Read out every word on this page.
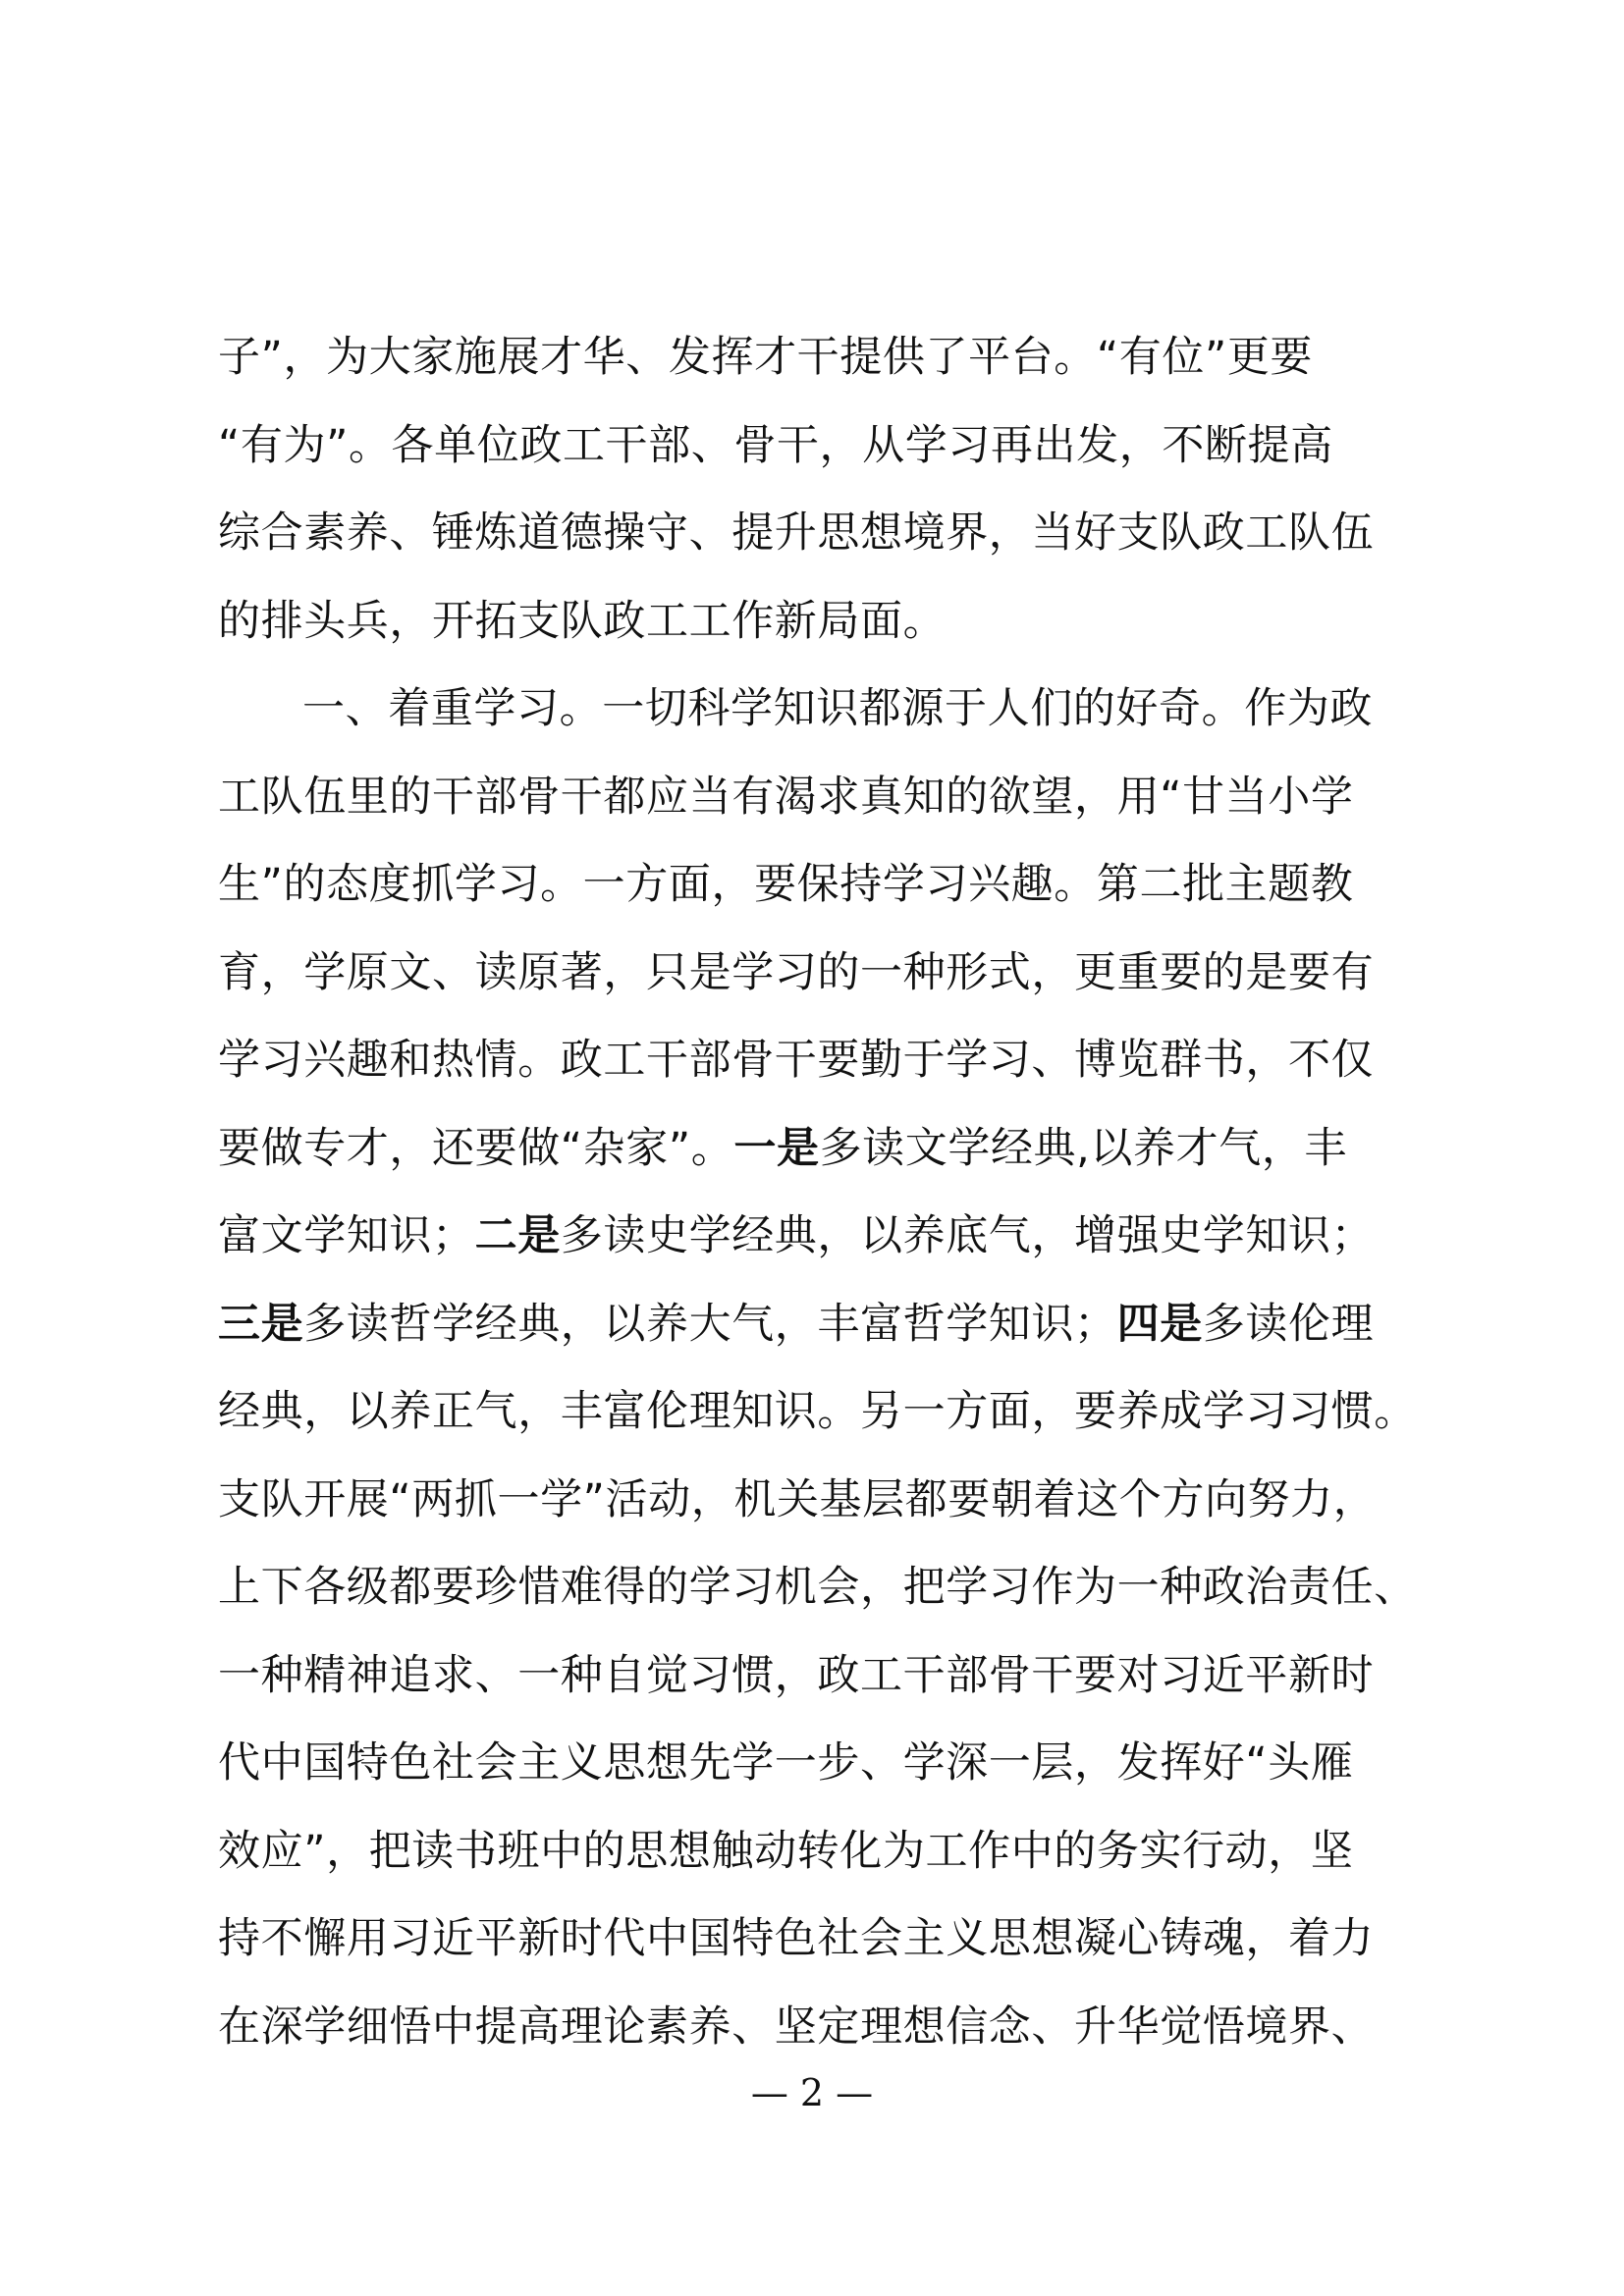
子”，为大家施展才华、发挥才干提供了平台。“有位”更要
“有为”。各单位政工干部、骨干，从学习再出发，不断提高
综合素养、锤炼道德操守、提升思想境界，当好支队政工队伍
的排头兵，开拓支队政工工作新局面。
一、着重学习。一切科学知识都源于人们的好奇。作为政
工队伍里的干部骨干都应当有渴求真知的欲望，用“甘当小学
生”的态度抓学习。一方面，要保持学习兴趣。第二批主题教
育，学原文、读原著，只是学习的一种形式，更重要的是要有
学习兴趣和热情。政工干部骨干要勤于学习、博览群书，不仅
要做专才，还要做“杂家”。一是多读文学经典,以养才气，丰
富文学知识；二是多读史学经典，以养底气，增强史学知识；
三是多读哲学经典，以养大气，丰富哲学知识；四是多读伦理
经典，以养正气，丰富伦理知识。另一方面，要养成学习习惯。
支队开展“两抓一学”活动，机关基层都要朝着这个方向努力，
上下各级都要珍惜难得的学习机会，把学习作为一种政治责任、
一种精神追求、一种自觉习惯，政工干部骨干要对习近平新时
代中国特色社会主义思想先学一步、学深一层，发挥好“头雁
效应”，把读书班中的思想触动转化为工作中的务实行动，坚
持不懈用习近平新时代中国特色社会主义思想凝心铸魂，着力
在深学细悟中提高理论素养、坚定理想信念、升华觉悟境界、
— 2 —
